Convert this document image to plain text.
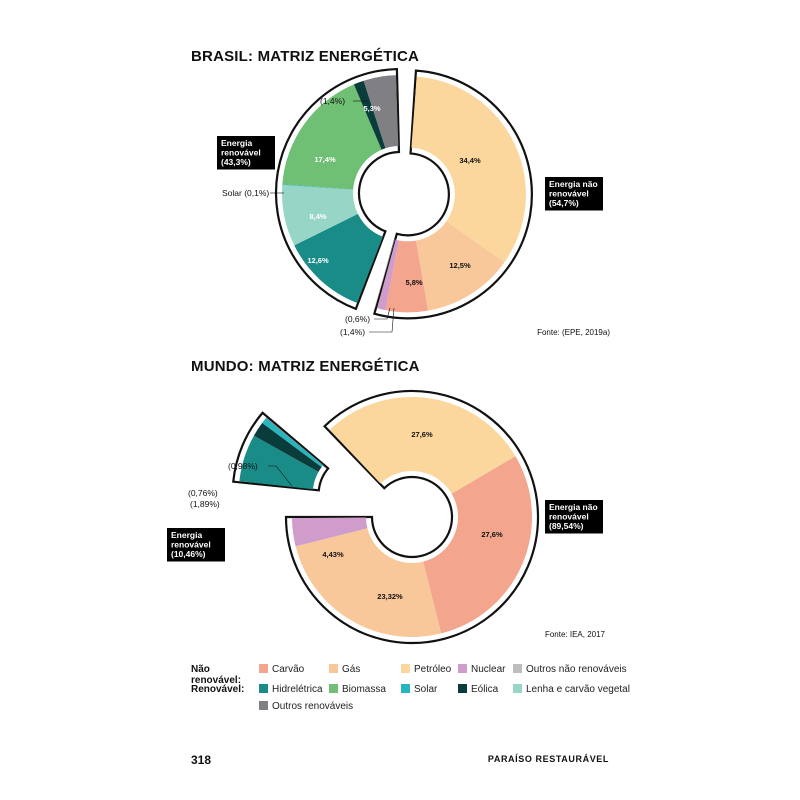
BRASIL: MATRIZ ENERGÉTICA
MUNDO: MATRIZ ENERGÉTICA
34,4%
12,5%
5,8%
12,6%
8,4%
17,4%
5,3%
(1,4%)
Solar (0,1%)
(0,6%)
(1,4%)
Energia
renovável
(43,3%)
Energia não
renovável
(54,7%)
Fonte: (EPE, 2019a)
27,6%
27,6%
23,32%
4,43%
6,83%
(0,98%)
(0,76%)
(1,89%)
Energia
renovável
(10,46%)
Energia não
renovável
(89,54%)
Fonte: IEA, 2017
Não renovável:
Renovável:
Carvão	Gás	Petróleo	Nuclear	Outros não renováveis
Hidrelétrica	Biomassa	Solar	Eólica	Lenha e carvão vegetal
Outros renováveis
318	PARAÍSO RESTAURÁVEL
